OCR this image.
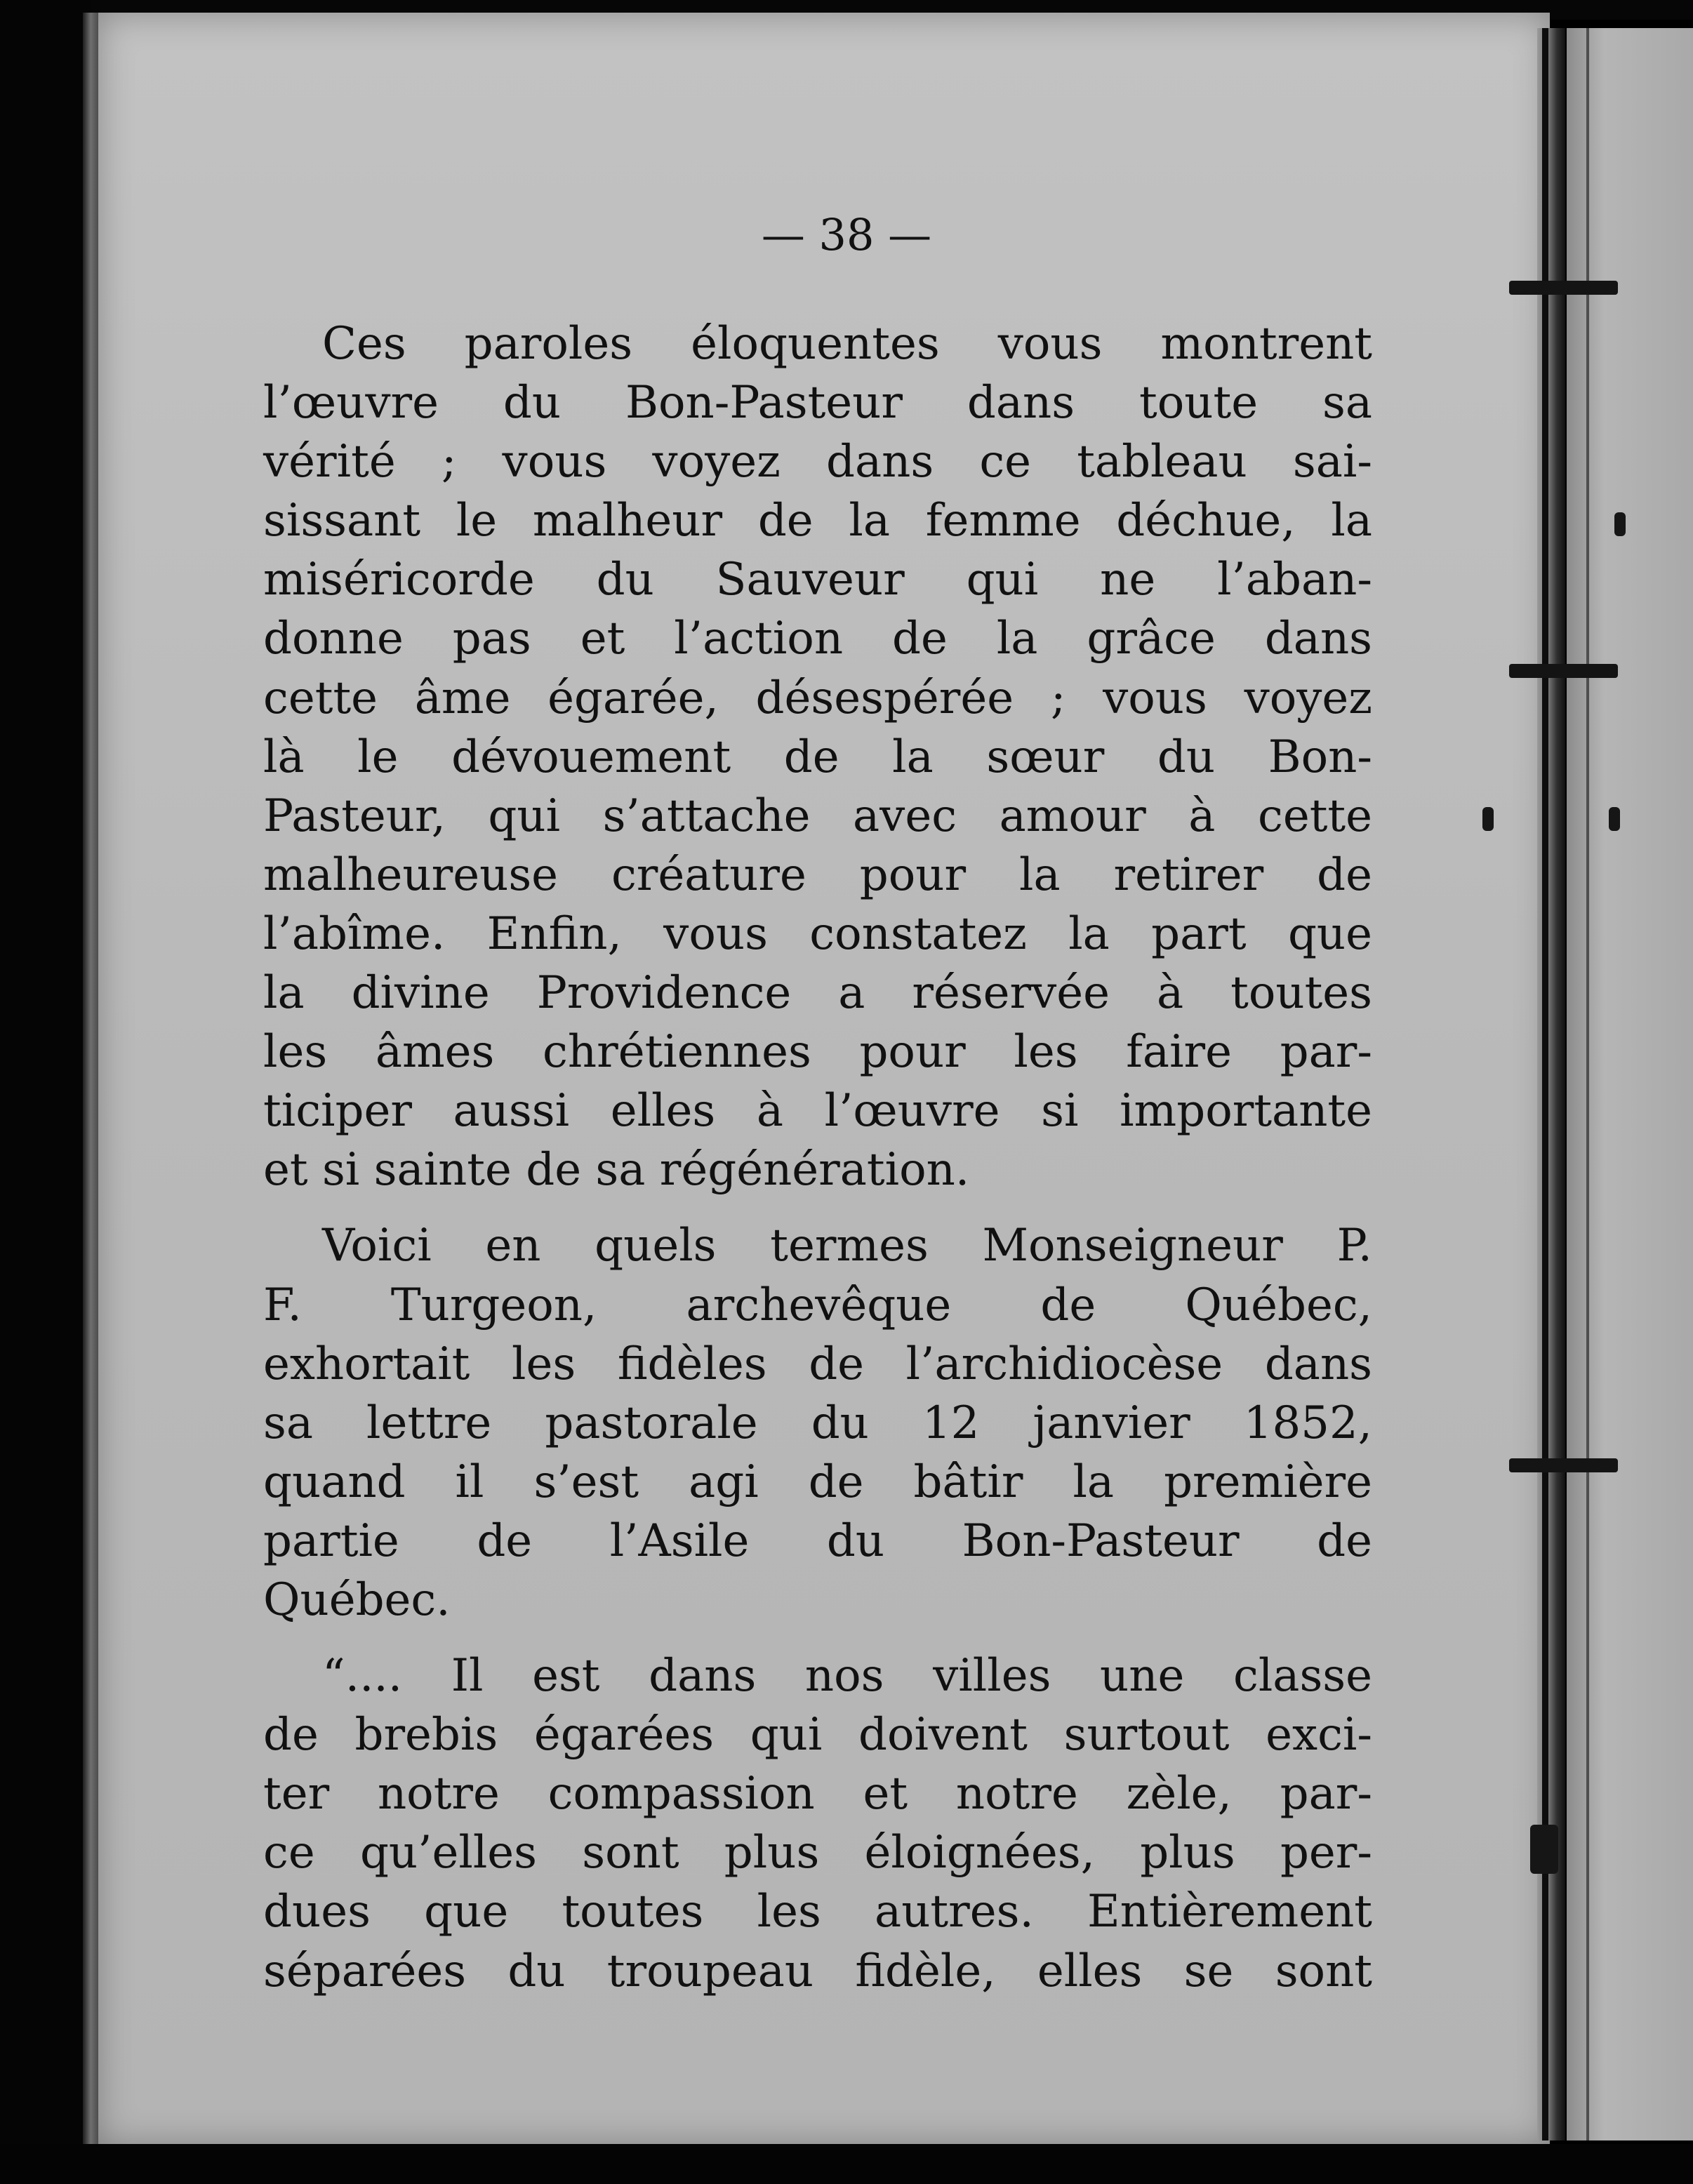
— 38 —

Ces paroles éloquentes vous montrent
l’œuvre du Bon-Pasteur dans toute sa
vérité ; vous voyez dans ce tableau sai-
sissant le malheur de la femme déchue, la
miséricorde du Sauveur qui ne l’aban-
donne pas et l’action de la grâce dans
cette âme égarée, désespérée ; vous voyez
là le dévouement de la sœur du Bon-
Pasteur, qui s’attache avec amour à cette
malheureuse créature pour la retirer de
l’abîme. Enfin, vous constatez la part que
la divine Providence a réservée à toutes
les âmes chrétiennes pour les faire par-
ticiper aussi elles à l’œuvre si importante
et si sainte de sa régénération.
Voici en quels termes Monseigneur P.
F. Turgeon, archevêque de Québec,
exhortait les fidèles de l’archidiocèse dans
sa lettre pastorale du 12 janvier 1852,
quand il s’est agi de bâtir la première
partie de l’Asile du Bon-Pasteur de
Québec.
“.... Il est dans nos villes une classe
de brebis égarées qui doivent surtout exci-
ter notre compassion et notre zèle, par-
ce qu’elles sont plus éloignées, plus per-
dues que toutes les autres. Entièrement
séparées du troupeau fidèle, elles se sont
